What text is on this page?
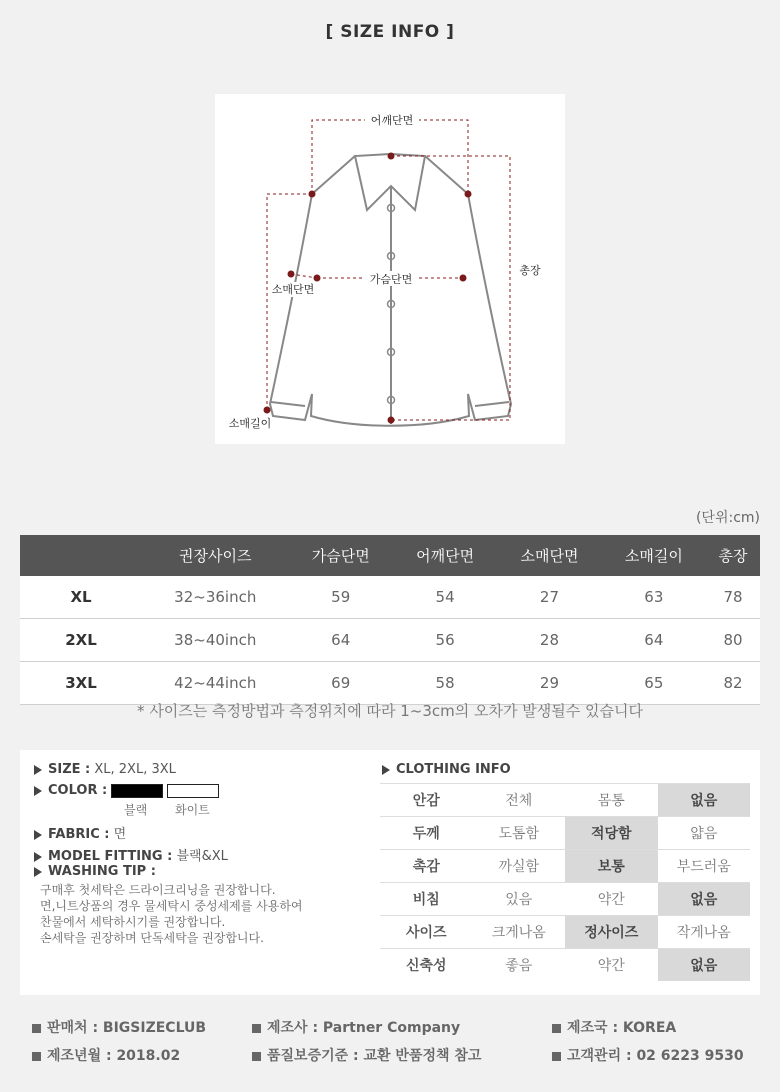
[ SIZE INFO ]
어깨단면
가슴단면
소매단면
소매길이
총장
(단위:cm)
	권장사이즈	가슴단면	어깨단면	소매단면	소매길이	총장
XL	32~36inch	59	54	27	63	78
2XL	38~40inch	64	56	28	64	80
3XL	42~44inch	69	58	29	65	82
* 사이즈는 측정방법과 측정위치에 따라 1~3cm의 오차가 발생될수 있습니다
SIZE : XL, 2XL, 3XL
COLOR :
블랙 화이트
FABRIC : 면
MODEL FITTING : 블랙&XL
WASHING TIP :
구매후 첫세탁은 드라이크리닝을 권장합니다.
면,니트상품의 경우 물세탁시 중성세제를 사용하여
찬물에서 세탁하시기를 권장합니다.
손세탁을 권장하며 단독세탁을 권장합니다.
CLOTHING INFO
안감	전체	몸통	없음
두께	도톰함	적당함	얇음
촉감	까실함	보통	부드러움
비침	있음	약간	없음
사이즈	크게나옴	정사이즈	작게나옴
신축성	좋음	약간	없음
판매처 : BIGSIZECLUB	제조사 : Partner Company	제조국 : KOREA
제조년월 : 2018.02	품질보증기준 : 교환 반품정책 참고	고객관리 : 02 6223 9530
